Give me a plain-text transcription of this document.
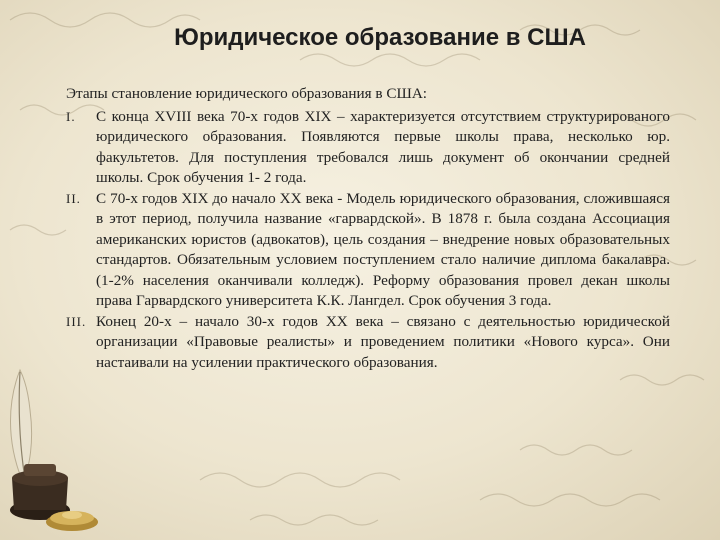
Юридическое образование в США

Этапы становление юридического образования в США:

I. С конца XVIII века 70-х годов XIX – характеризуется отсутствием структурированого юридического образования. Появляются первые школы права, несколько юр. факультетов. Для поступления требовался лишь документ об окончании средней школы. Срок обучения 1- 2 года.

II. С 70-х годов XIX до начало XX века - Модель юридического образования, сложившаяся в этот период, получила название «гарвардской». В 1878 г. была создана Ассоциация американских юристов (адвокатов), цель создания – внедрение новых образовательных стандартов. Обязательным условием поступлением стало наличие диплома бакалавра. (1-2% населения оканчивали колледж). Реформу образования провел декан школы права Гарвардского университета К.К. Лангдел. Срок обучения 3 года.

III. Конец 20-х – начало 30-х годов XX века – связано с деятельностью юридической организации «Правовые реалисты» и проведением политики «Нового курса». Они настаивали на усилении практического образования.
